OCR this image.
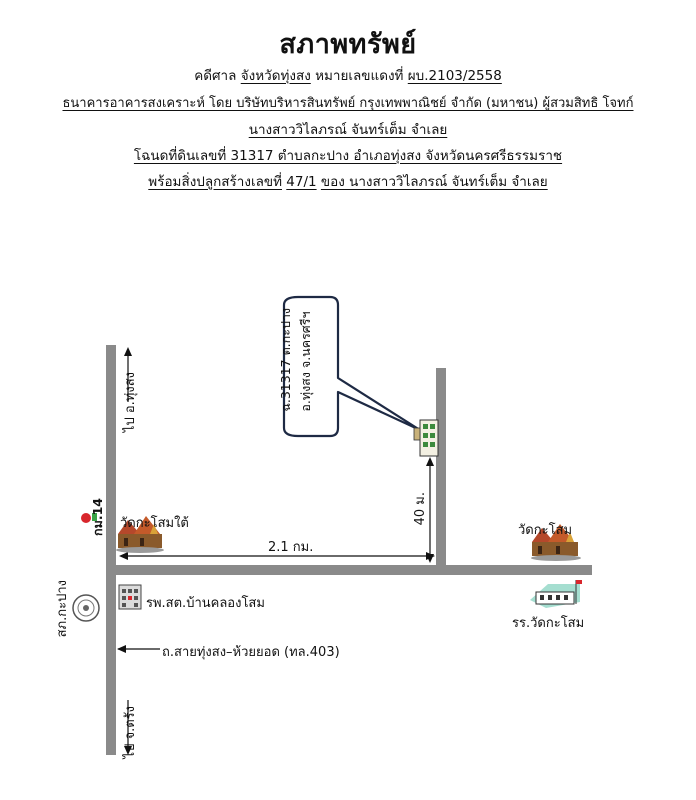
สภาพทรัพย์
คดีศาล จังหวัดทุ่งสง หมายเลขแดงที่ ผบ.2103/2558
ธนาคารอาคารสงเคราะห์ โดย บริษัทบริหารสินทรัพย์ กรุงเทพพาณิชย์ จำกัด (มหาชน) ผู้สวมสิทธิ โจทก์
นางสาววิไลภรณ์ จันทร์เต็ม จำเลย
โฉนดที่ดินเลขที่ 31317 ตำบลกะปาง อำเภอทุ่งสง จังหวัดนครศรีธรรมราช
พร้อมสิ่งปลูกสร้างเลขที่ 47/1 ของ นางสาววิไลภรณ์ จันทร์เต็ม จำเลย
ฉ.31317 ต.กะปาง อ.ทุ่งสง จ.นครศรีฯ
ไป อ.ทุ่งสง
ไป จ.ตรัง
กม.14 วัดกะโสมใต้	วัดกะโสม
2.1 กม.
40 ม.
สภ.กะปาง	รพ.สต.บ้านคลองโสม
รร.วัดกะโสม
ถ.สายทุ่งสง–ห้วยยอด (ทล.403)
